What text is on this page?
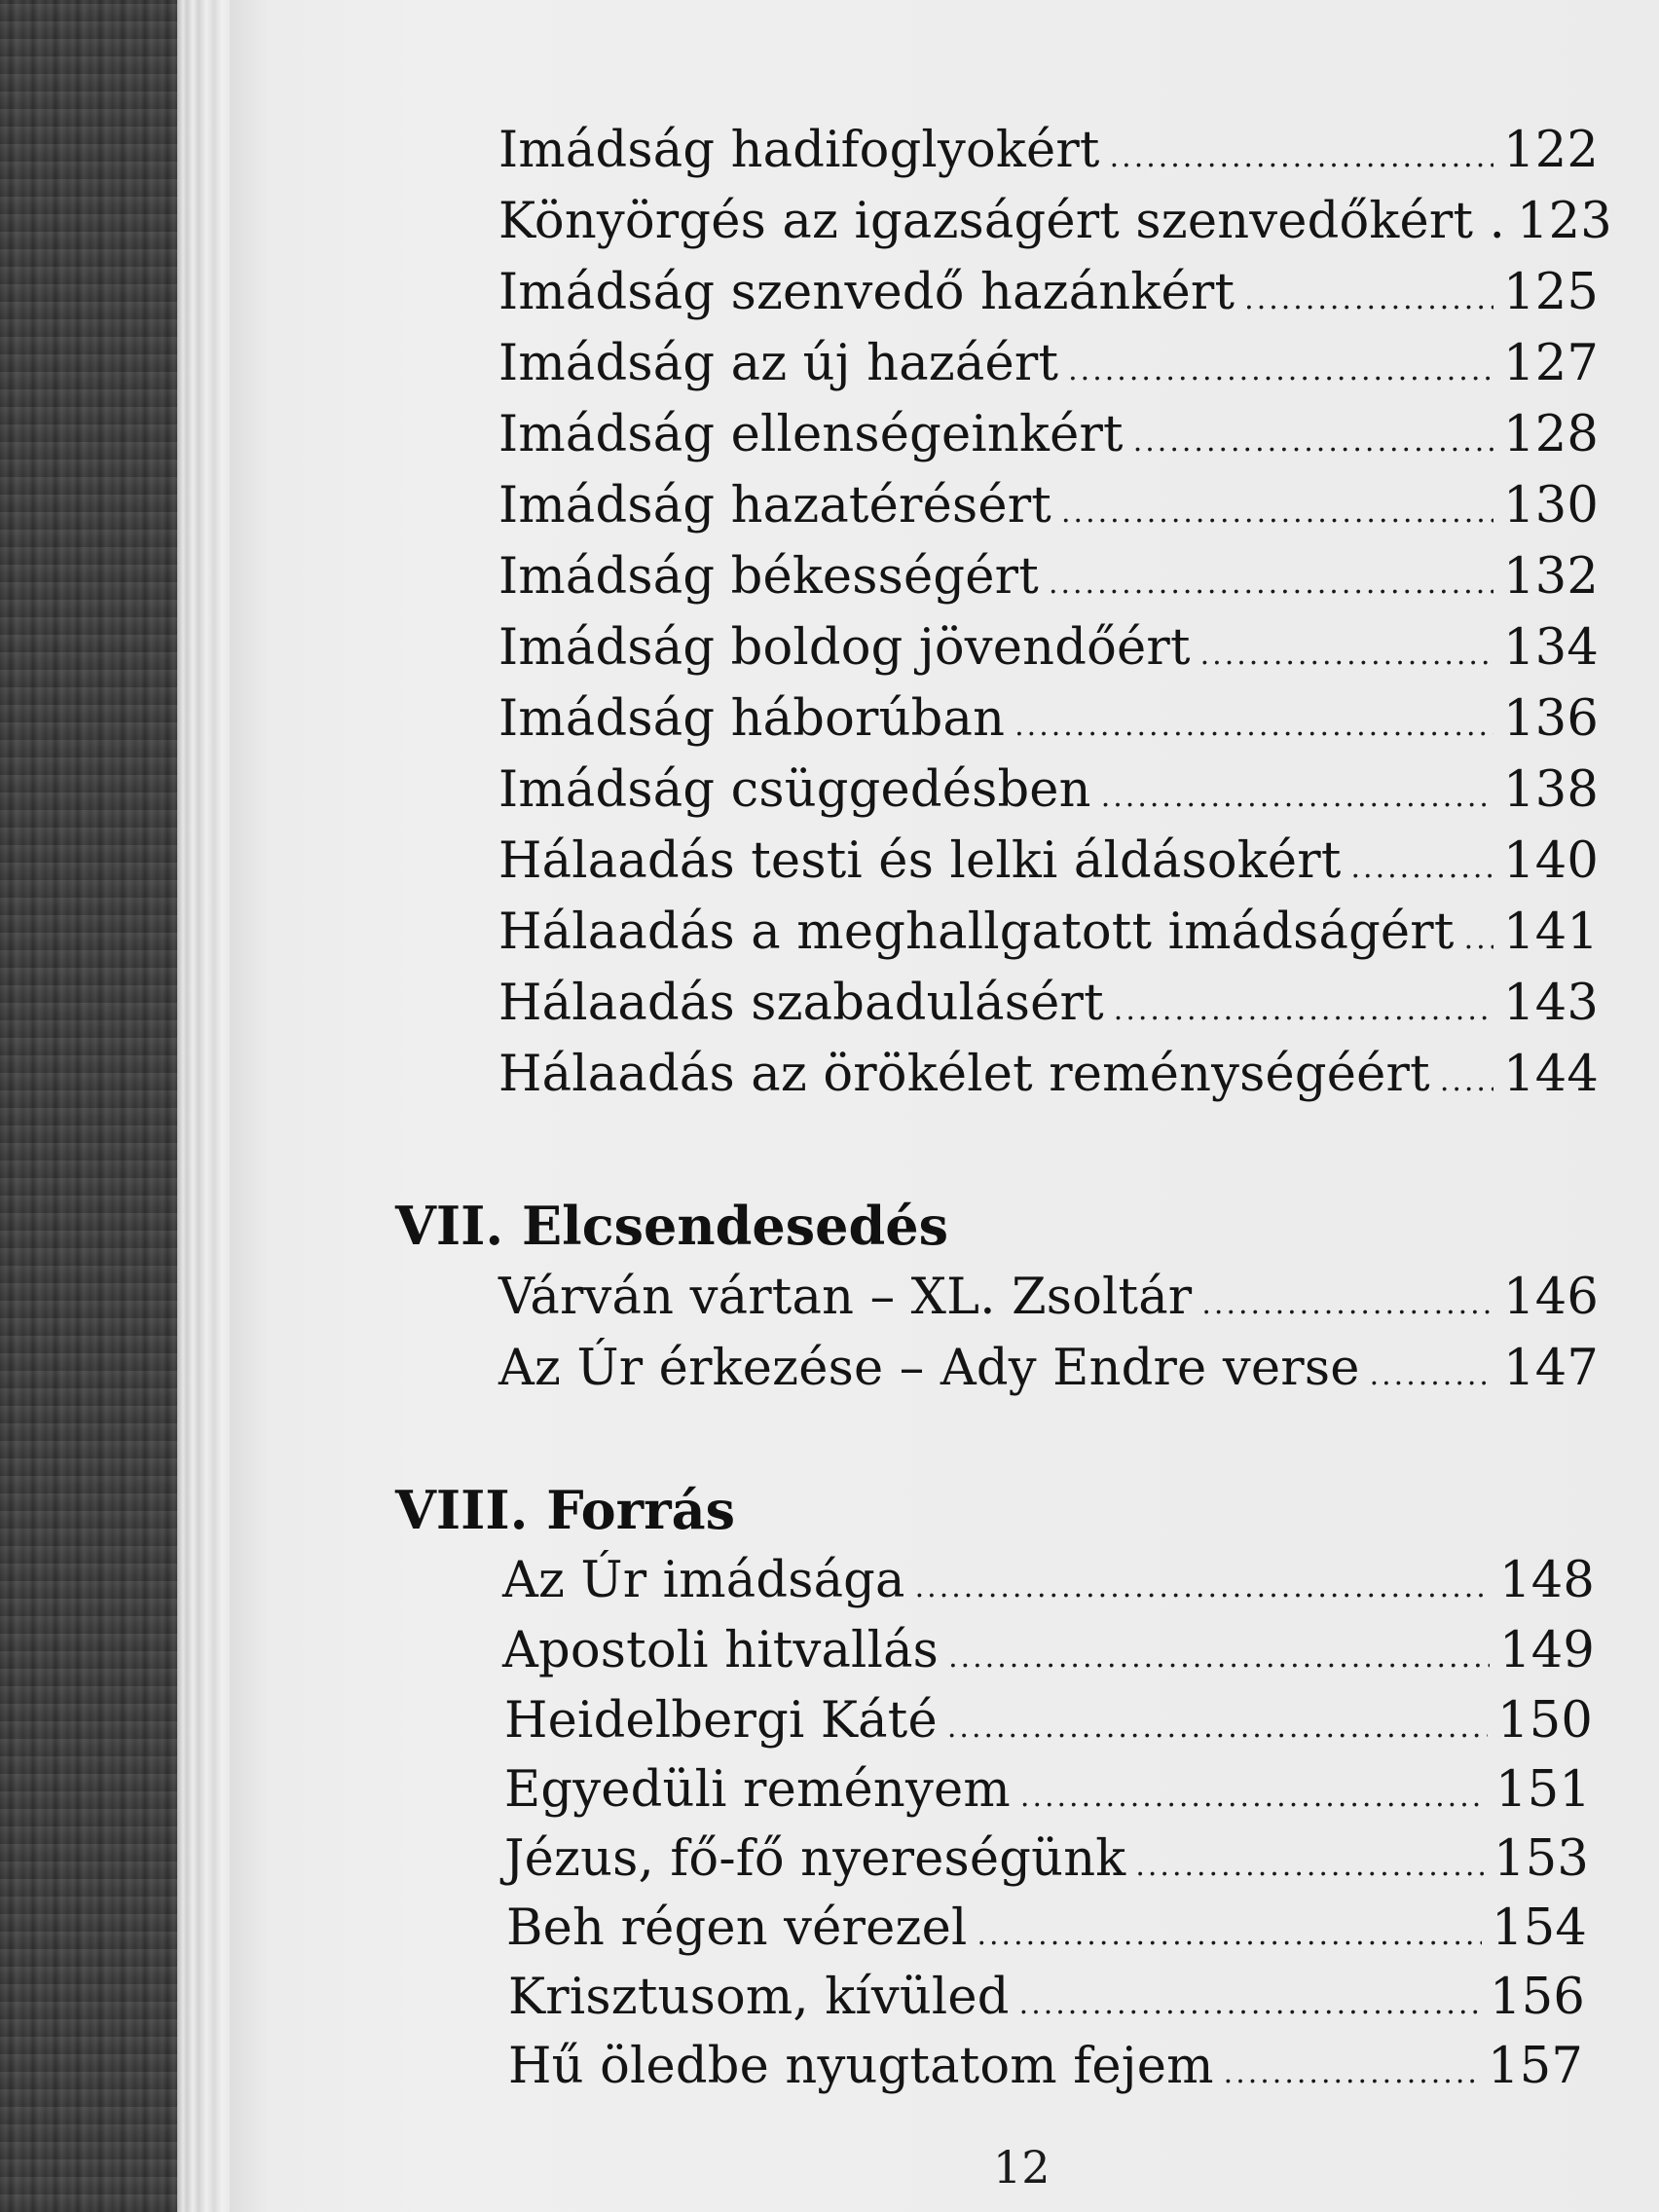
Imádság hadifoglyokért .....	122
Könyörgés az igazságért szenvedőkért . 123
Imádság szenvedő hazánkért .....	125
Imádság az új hazáért .....	127
Imádság ellenségeinkért .....	128
Imádság hazatérésért .....	130
Imádság békességért .....	132
Imádság boldog jövendőért .....	134
Imádság háborúban .....	136
Imádság csüggedésben .....	138
Hálaadás testi és lelki áldásokért .....	140
Hálaadás a meghallgatott imádságért ..... 141
Hálaadás szabadulásért .....	143
Hálaadás az örökélet reménységéért ..... 144
VII. Elcsendesedés
Várván vártan – XL. Zsoltár .....	146
Az Úr érkezése – Ady Endre verse .....	147
VIII. Forrás
Az Úr imádsága .....	148
Apostoli hitvallás .....	149
Heidelbergi Káté .....	150
Egyedüli reményem .....	151
Jézus, fő-fő nyereségünk .....	153
Beh régen vérezel .....	154
Krisztusom, kívüled .....	156
Hű öledbe nyugtatom fejem .....	157
12
